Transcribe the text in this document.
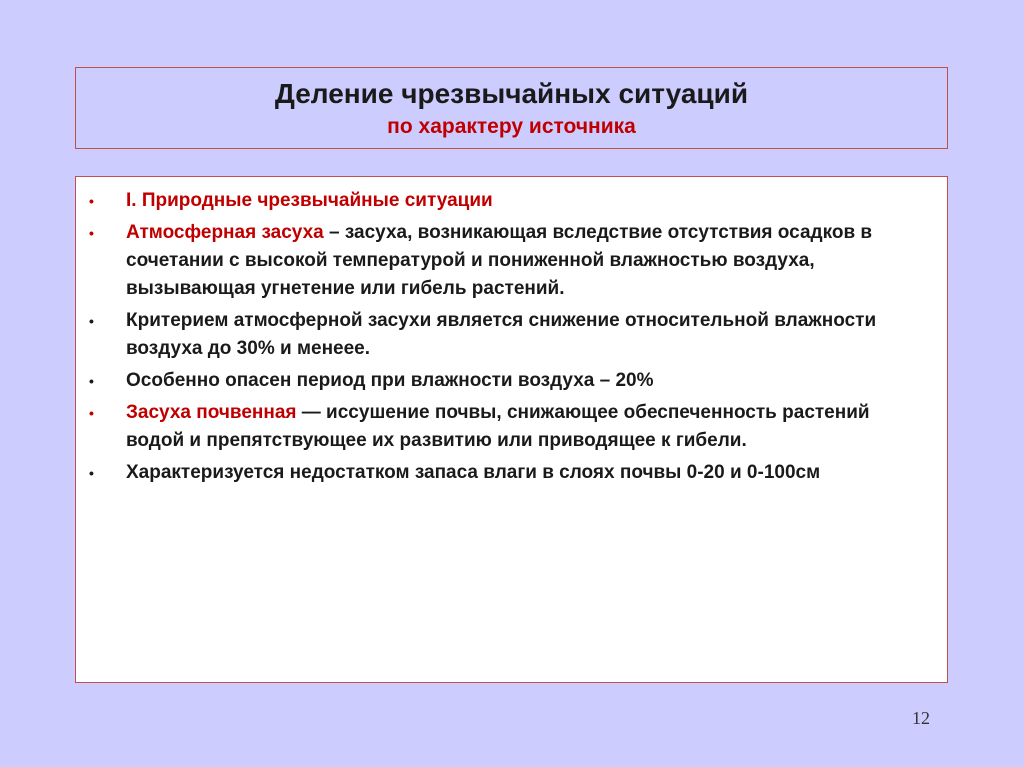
Деление чрезвычайных ситуаций
по характеру источника
• I. Природные чрезвычайные ситуации
• Атмосферная засуха – засуха, возникающая вследствие отсутствия осадков в сочетании с высокой температурой и пониженной влажностью воздуха, вызывающая угнетение или гибель растений.
• Критерием атмосферной засухи является снижение относительной влажности воздуха до 30% и менеее.
• Особенно опасен период при влажности воздуха – 20%
• Засуха почвенная — иссушение почвы, снижающее обеспеченность растений водой и препятствующее их развитию или приводящее к гибели.
• Характеризуется недостатком запаса влаги в слоях почвы 0-20 и 0-100см
12
